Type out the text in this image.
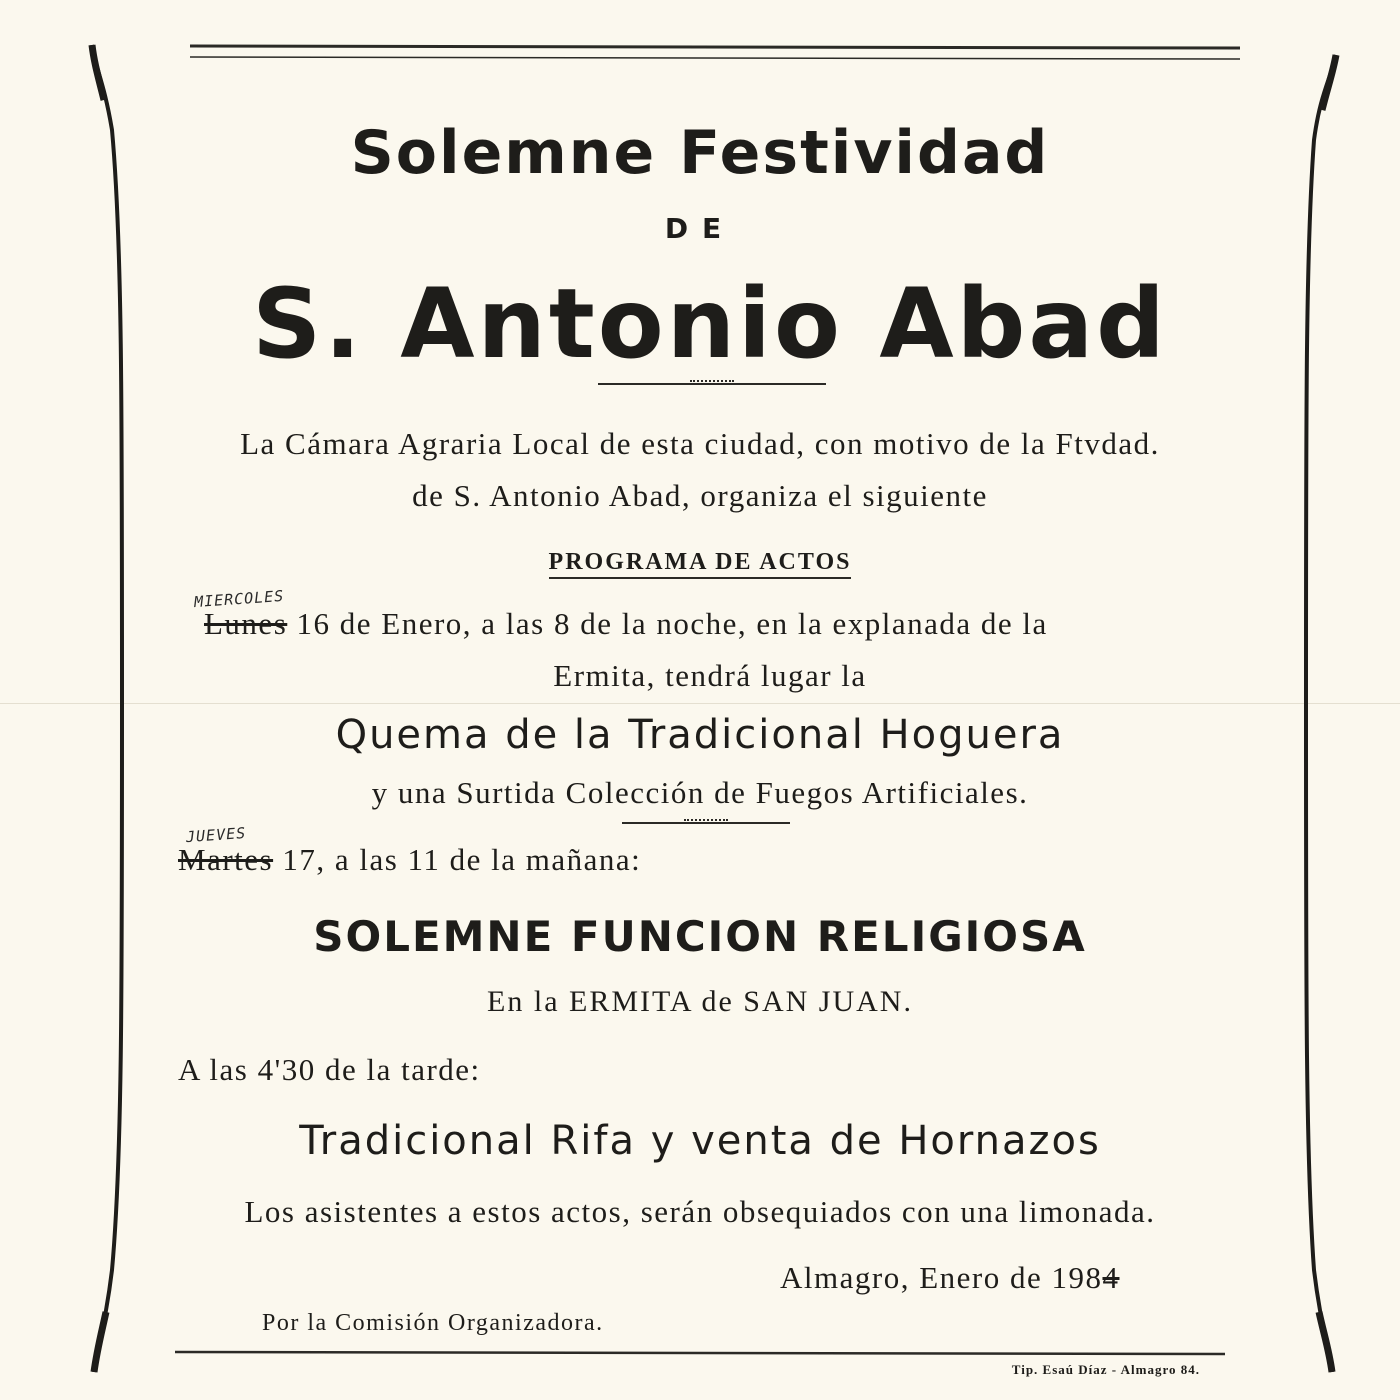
Solemne Festividad
DE
S. Antonio Abad
La Cámara Agraria Local de esta ciudad, con motivo de la Ftvdad.
de S. Antonio Abad, organiza el siguiente
PROGRAMA DE ACTOS
MIERCOLES
Lunes 16 de Enero, a las 8 de la noche, en la explanada de la
Ermita, tendrá lugar la
Quema de la Tradicional Hoguera
y una Surtida Colección de Fuegos Artificiales.
JUEVES
Martes 17, a las 11 de la mañana:
SOLEMNE FUNCION RELIGIOSA
En la ERMITA de SAN JUAN.
A las 4'30 de la tarde:
Tradicional Rifa y venta de Hornazos
Los asistentes a estos actos, serán obsequiados con una limonada.
Almagro, Enero de 1984
Por la Comisión Organizadora.
Tip. Esaú Díaz - Almagro 84.
